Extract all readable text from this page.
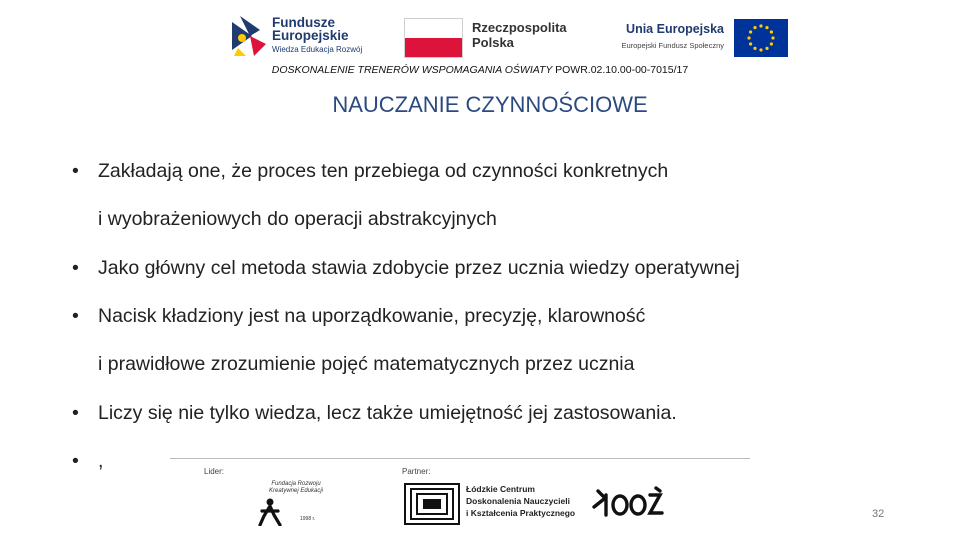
Fundusze
Europejskie
Wiedza Edukacja Rozwój
Rzeczpospolita
Polska
Unia Europejska
Europejski Fundusz Społeczny
DOSKONALENIE TRENERÓW WSPOMAGANIA OŚWIATY POWR.02.10.00-00-7015/17
NAUCZANIE CZYNNOŚCIOWE
• Zakładają one, że proces ten przebiega od czynności konkretnych
i wyobrażeniowych do operacji abstrakcyjnych
• Jako główny cel metoda stawia zdobycie przez ucznia wiedzy operatywnej
• Nacisk kładziony jest na uporządkowanie, precyzję, klarowność
i prawidłowe zrozumienie pojęć matematycznych przez ucznia
• Liczy się nie tylko wiedza, lecz także umiejętność jej zastosowania.
• ,	Lider:	Partner:
Fundacja Rozwoju Kreatywnej Edukacji
1998 r.
Łódzkie Centrum
Doskonalenia Nauczycieli
i Kształcenia Praktycznego	32
